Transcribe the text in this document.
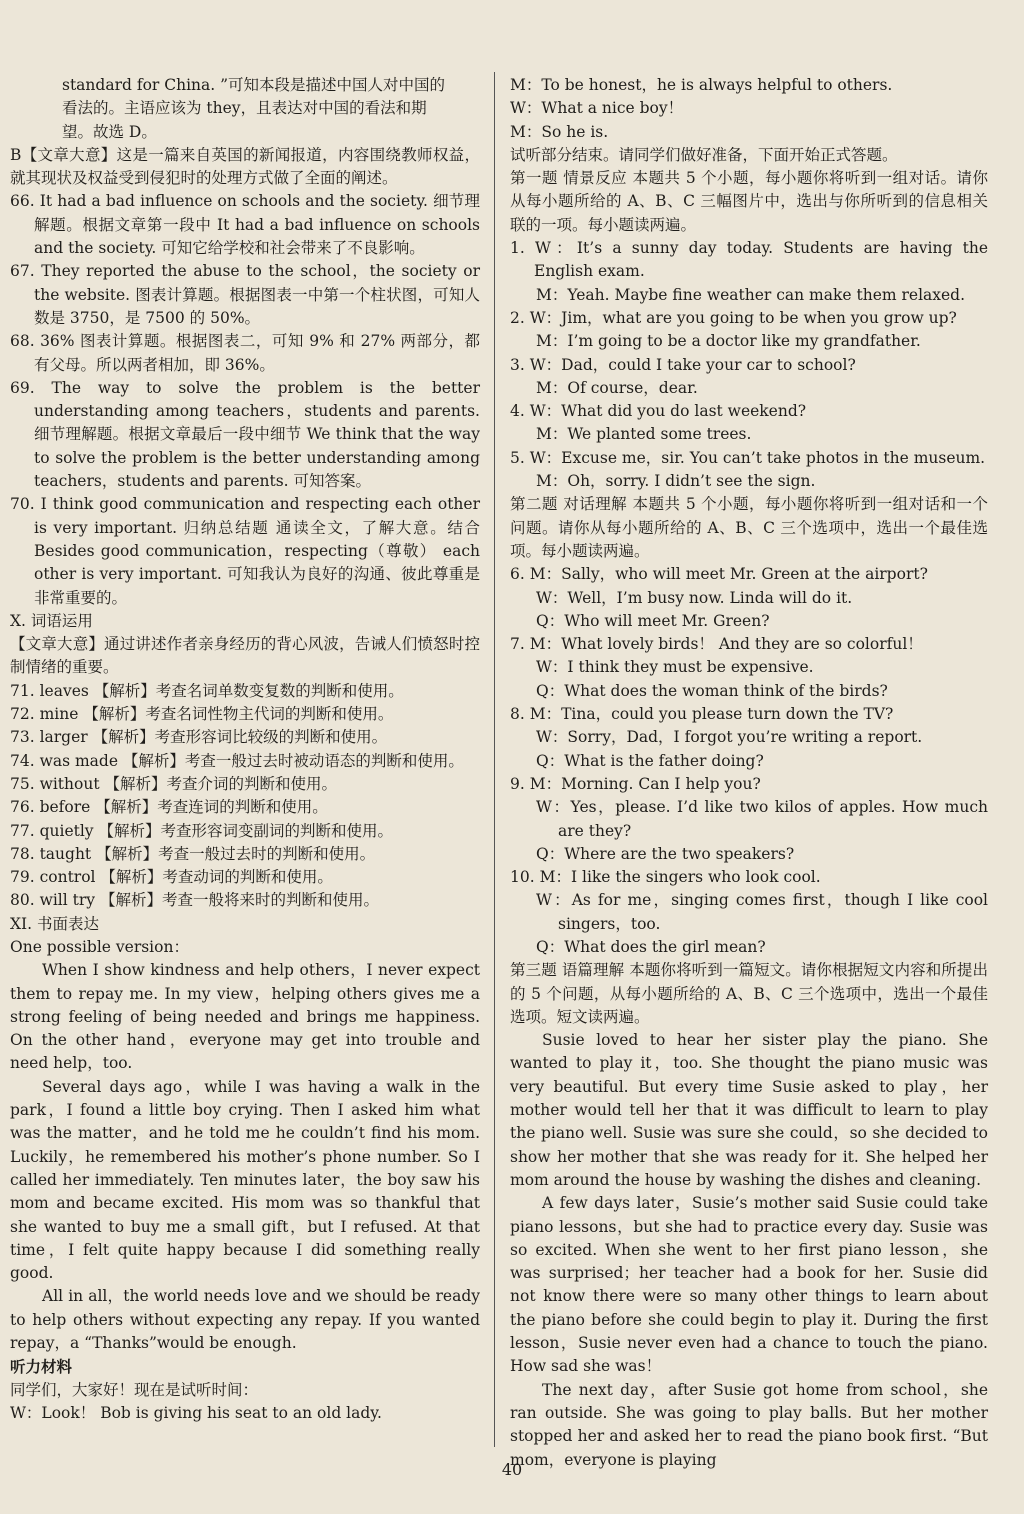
standard for China. ”可知本段是描述中国人对中国的

看法的。主语应该为 they，且表达对中国的看法和期

望。故选 D。

B【文章大意】这是一篇来自英国的新闻报道，内容围绕教师权益，就其现状及权益受到侵犯时的处理方式做了全面的阐述。

66. It had a bad influence on schools and the society. 细节理解题。根据文章第一段中 It had a bad influence on schools and the society. 可知它给学校和社会带来了不良影响。

67. They reported the abuse to the school，the society or the website. 图表计算题。根据图表一中第一个柱状图，可知人数是 3750，是 7500 的 50%。

68. 36% 图表计算题。根据图表二，可知 9% 和 27% 两部分，都有父母。所以两者相加，即 36%。

69. The way to solve the problem is the better understanding among teachers，students and parents. 细节理解题。根据文章最后一段中细节 We think that the way to solve the problem is the better understanding among teachers，students and parents. 可知答案。

70. I think good communication and respecting each other is very important. 归纳总结题 通读全文，了解大意。结合 Besides good communication，respecting（尊敬） each other is very important. 可知我认为良好的沟通、彼此尊重是非常重要的。

X. 词语运用

【文章大意】通过讲述作者亲身经历的背心风波，告诫人们愤怒时控制情绪的重要。

71. leaves 【解析】考查名词单数变复数的判断和使用。

72. mine 【解析】考查名词性物主代词的判断和使用。

73. larger 【解析】考查形容词比较级的判断和使用。

74. was made 【解析】考查一般过去时被动语态的判断和使用。

75. without 【解析】考查介词的判断和使用。

76. before 【解析】考查连词的判断和使用。

77. quietly 【解析】考查形容词变副词的判断和使用。

78. taught 【解析】考查一般过去时的判断和使用。

79. control 【解析】考查动词的判断和使用。

80. will try 【解析】考查一般将来时的判断和使用。

XI. 书面表达

One possible version：

When I show kindness and help others，I never expect them to repay me. In my view，helping others gives me a strong feeling of being needed and brings me happiness. On the other hand，everyone may get into trouble and need help，too.

Several days ago，while I was having a walk in the park，I found a little boy crying. Then I asked him what was the matter，and he told me he couldn’t find his mom. Luckily，he remembered his mother’s phone number. So I called her immediately. Ten minutes later，the boy saw his mom and became excited. His mom was so thankful that she wanted to buy me a small gift，but I refused. At that time，I felt quite happy because I did something really good.

All in all，the world needs love and we should be ready to help others without expecting any repay. If you wanted repay，a “Thanks”would be enough.

听力材料

同学们，大家好！现在是试听时间：

W：Look！ Bob is giving his seat to an old lady.

M：To be honest，he is always helpful to others.

W：What a nice boy！

M：So he is.

试听部分结束。请同学们做好准备，下面开始正式答题。

第一题 情景反应 本题共 5 个小题，每小题你将听到一组对话。请你从每小题所给的 A、B、C 三幅图片中，选出与你所听到的信息相关联的一项。每小题读两遍。

1. W：It’s a sunny day today. Students are having the English exam.

M：Yeah. Maybe fine weather can make them relaxed.

2. W：Jim，what are you going to be when you grow up?

M：I’m going to be a doctor like my grandfather.

3. W：Dad，could I take your car to school?

M：Of course，dear.

4. W：What did you do last weekend?

M：We planted some trees.

5. W：Excuse me，sir. You can’t take photos in the museum.

M：Oh，sorry. I didn’t see the sign.

第二题 对话理解 本题共 5 个小题，每小题你将听到一组对话和一个问题。请你从每小题所给的 A、B、C 三个选项中，选出一个最佳选项。每小题读两遍。

6. M：Sally，who will meet Mr. Green at the airport?

W：Well，I’m busy now. Linda will do it.

Q：Who will meet Mr. Green?

7. M：What lovely birds！ And they are so colorful！

W：I think they must be expensive.

Q：What does the woman think of the birds?

8. M：Tina，could you please turn down the TV?

W：Sorry，Dad，I forgot you’re writing a report.

Q：What is the father doing?

9. M：Morning. Can I help you?

W：Yes，please. I’d like two kilos of apples. How much are they?

Q：Where are the two speakers?

10. M：I like the singers who look cool.

W：As for me，singing comes first，though I like cool singers，too.

Q：What does the girl mean?

第三题 语篇理解 本题你将听到一篇短文。请你根据短文内容和所提出的 5 个问题，从每小题所给的 A、B、C 三个选项中，选出一个最佳选项。短文读两遍。

Susie loved to hear her sister play the piano. She wanted to play it，too. She thought the piano music was very beautiful. But every time Susie asked to play，her mother would tell her that it was difficult to learn to play the piano well. Susie was sure she could，so she decided to show her mother that she was ready for it. She helped her mom around the house by washing the dishes and cleaning.

A few days later，Susie’s mother said Susie could take piano lessons，but she had to practice every day. Susie was so excited. When she went to her first piano lesson，she was surprised；her teacher had a book for her. Susie did not know there were so many other things to learn about the piano before she could begin to play it. During the first lesson，Susie never even had a chance to touch the piano. How sad she was！

The next day，after Susie got home from school，she ran outside. She was going to play balls. But her mother stopped her and asked her to read the piano book first. “But mom，everyone is playing

40
